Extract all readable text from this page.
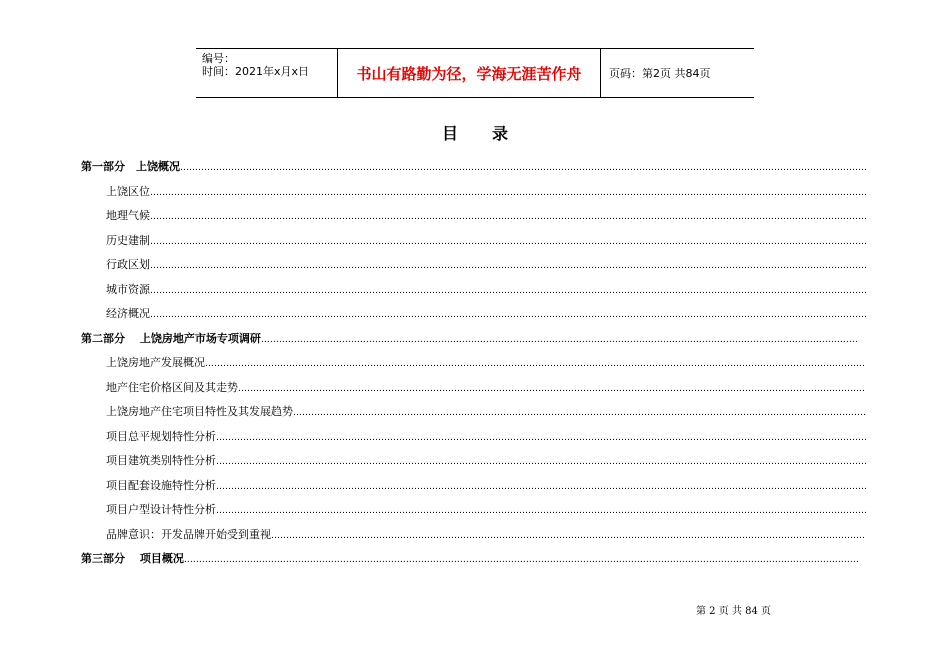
编号：
时间：2021年x月x日	书山有路勤为径，学海无涯苦作舟	页码：第2页 共84页
目 录
第一部分　上饶概况
………………………………………………………………………………………………………………………………………………………………………………………………………………………………………………………………………………………………………
上饶区位
………………………………………………………………………………………………………………………………………………………………………………………………………………………………………………………………………………………………………
地理气候
………………………………………………………………………………………………………………………………………………………………………………………………………………………………………………………………………………………………………
历史建制
………………………………………………………………………………………………………………………………………………………………………………………………………………………………………………………………………………………………………
行政区划
………………………………………………………………………………………………………………………………………………………………………………………………………………………………………………………………………………………………………
城市资源
………………………………………………………………………………………………………………………………………………………………………………………………………………………………………………………………………………………………………
经济概况
………………………………………………………………………………………………………………………………………………………………………………………………………………………………………………………………………………………………………
第二部分　 上饶房地产市场专项调研
………………………………………………………………………………………………………………………………………………………………………………………………………………………………………………………………………………………………………
上饶房地产发展概况
………………………………………………………………………………………………………………………………………………………………………………………………………………………………………………………………………………………………………
地产住宅价格区间及其走势
………………………………………………………………………………………………………………………………………………………………………………………………………………………………………………………………………………………………………
上饶房地产住宅项目特性及其发展趋势
………………………………………………………………………………………………………………………………………………………………………………………………………………………………………………………………………………………………………
项目总平规划特性分析
………………………………………………………………………………………………………………………………………………………………………………………………………………………………………………………………………………………………………
项目建筑类别特性分析
………………………………………………………………………………………………………………………………………………………………………………………………………………………………………………………………………………………………………
项目配套设施特性分析
………………………………………………………………………………………………………………………………………………………………………………………………………………………………………………………………………………………………………
项目户型设计特性分析
………………………………………………………………………………………………………………………………………………………………………………………………………………………………………………………………………………………………………
品牌意识：开发品牌开始受到重视
………………………………………………………………………………………………………………………………………………………………………………………………………………………………………………………………………………………………………
第三部分　 项目概况
………………………………………………………………………………………………………………………………………………………………………………………………………………………………………………………………………………………………………
第 2 页 共 84 页
